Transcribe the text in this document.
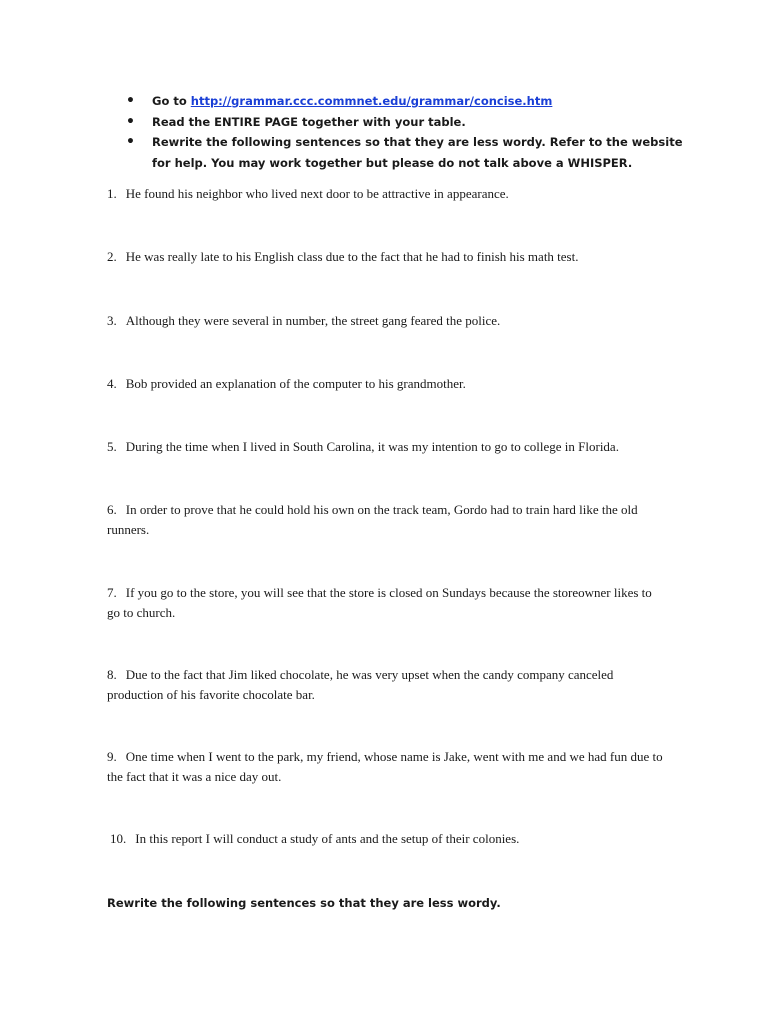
• Go to http://grammar.ccc.commnet.edu/grammar/concise.htm
• Read the ENTIRE PAGE together with your table.
• Rewrite the following sentences so that they are less wordy. Refer to the website for help. You may work together but please do not talk above a WHISPER.

1. He found his neighbor who lived next door to be attractive in appearance.

2. He was really late to his English class due to the fact that he had to finish his math test.

3. Although they were several in number, the street gang feared the police.

4. Bob provided an explanation of the computer to his grandmother.

5. During the time when I lived in South Carolina, it was my intention to go to college in Florida.

6. In order to prove that he could hold his own on the track team, Gordo had to train hard like the old runners.

7. If you go to the store, you will see that the store is closed on Sundays because the storeowner likes to go to church.

8. Due to the fact that Jim liked chocolate, he was very upset when the candy company canceled production of his favorite chocolate bar.

9. One time when I went to the park, my friend, whose name is Jake, went with me and we had fun due to the fact that it was a nice day out.

10. In this report I will conduct a study of ants and the setup of their colonies.

Rewrite the following sentences so that they are less wordy.
